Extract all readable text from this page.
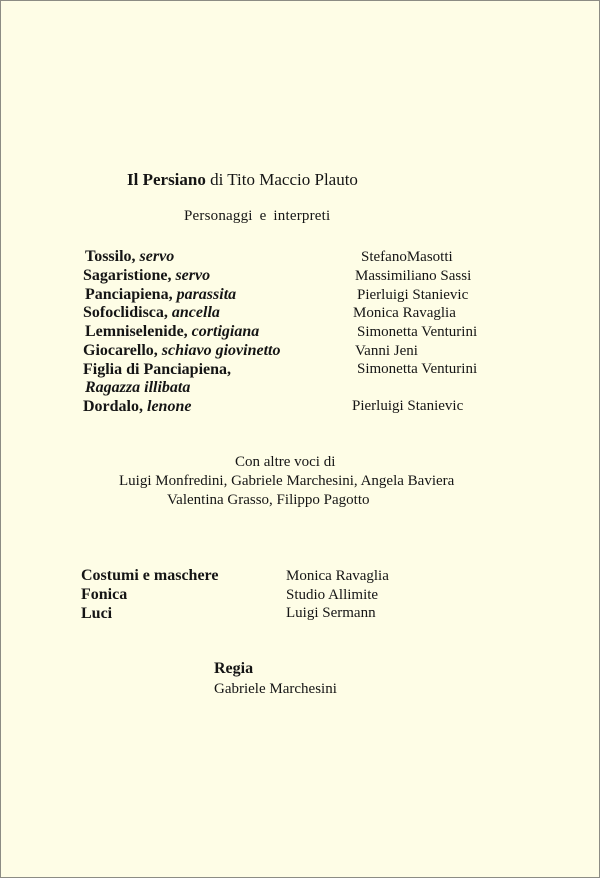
Il Persiano di Tito Maccio Plauto

Personaggi e interpreti

Tossilo, servo	StefanoMasotti

Sagaristione, servo	Massimiliano Sassi

Panciapiena, parassita	Pierluigi Stanievic

Sofoclidisca, ancella	Monica Ravaglia

Lemniselenide, cortigiana	Simonetta Venturini

Giocarello, schiavo giovinetto	Vanni Jeni

Figlia di Panciapiena,	Simonetta Venturini

Ragazza illibata

Dordalo, lenone	Pierluigi Stanievic

Con altre voci di

Luigi Monfredini, Gabriele Marchesini, Angela Baviera

Valentina Grasso, Filippo Pagotto

Costumi e maschere	Monica Ravaglia

Fonica	Studio Allimite

Luci	Luigi Sermann

Regia

Gabriele Marchesini
